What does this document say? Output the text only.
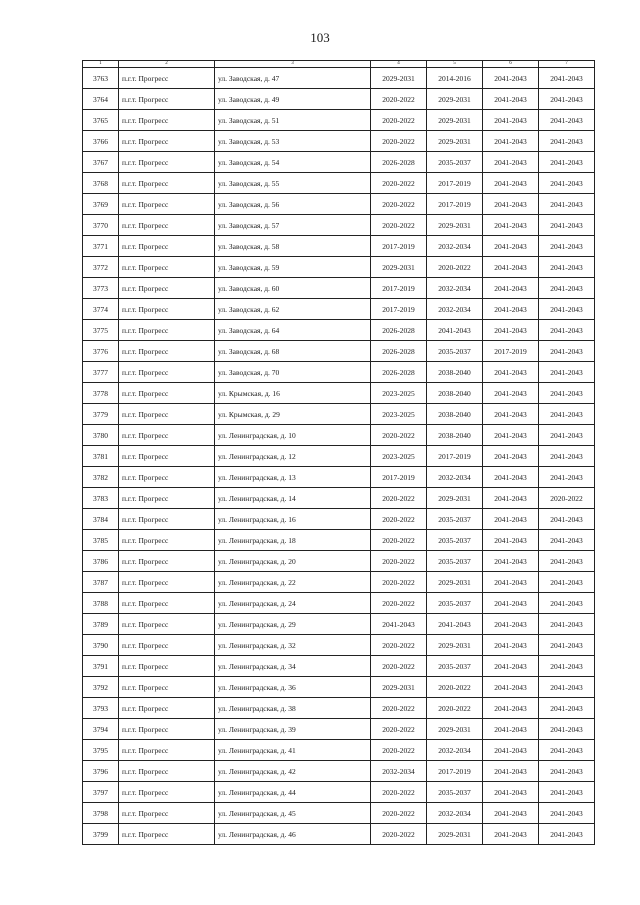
103
1	2	3	4	5	6	7
3763	п.г.т. Прогресс	ул. Заводская, д. 47	2029-2031	2014-2016	2041-2043	2041-2043
3764	п.г.т. Прогресс	ул. Заводская, д. 49	2020-2022	2029-2031	2041-2043	2041-2043
3765	п.г.т. Прогресс	ул. Заводская, д. 51	2020-2022	2029-2031	2041-2043	2041-2043
3766	п.г.т. Прогресс	ул. Заводская, д. 53	2020-2022	2029-2031	2041-2043	2041-2043
3767	п.г.т. Прогресс	ул. Заводская, д. 54	2026-2028	2035-2037	2041-2043	2041-2043
3768	п.г.т. Прогресс	ул. Заводская, д. 55	2020-2022	2017-2019	2041-2043	2041-2043
3769	п.г.т. Прогресс	ул. Заводская, д. 56	2020-2022	2017-2019	2041-2043	2041-2043
3770	п.г.т. Прогресс	ул. Заводская, д. 57	2020-2022	2029-2031	2041-2043	2041-2043
3771	п.г.т. Прогресс	ул. Заводская, д. 58	2017-2019	2032-2034	2041-2043	2041-2043
3772	п.г.т. Прогресс	ул. Заводская, д. 59	2029-2031	2020-2022	2041-2043	2041-2043
3773	п.г.т. Прогресс	ул. Заводская, д. 60	2017-2019	2032-2034	2041-2043	2041-2043
3774	п.г.т. Прогресс	ул. Заводская, д. 62	2017-2019	2032-2034	2041-2043	2041-2043
3775	п.г.т. Прогресс	ул. Заводская, д. 64	2026-2028	2041-2043	2041-2043	2041-2043
3776	п.г.т. Прогресс	ул. Заводская, д. 68	2026-2028	2035-2037	2017-2019	2041-2043
3777	п.г.т. Прогресс	ул. Заводская, д. 70	2026-2028	2038-2040	2041-2043	2041-2043
3778	п.г.т. Прогресс	ул. Крымская, д. 16	2023-2025	2038-2040	2041-2043	2041-2043
3779	п.г.т. Прогресс	ул. Крымская, д. 29	2023-2025	2038-2040	2041-2043	2041-2043
3780	п.г.т. Прогресс	ул. Ленинградская, д. 10	2020-2022	2038-2040	2041-2043	2041-2043
3781	п.г.т. Прогресс	ул. Ленинградская, д. 12	2023-2025	2017-2019	2041-2043	2041-2043
3782	п.г.т. Прогресс	ул. Ленинградская, д. 13	2017-2019	2032-2034	2041-2043	2041-2043
3783	п.г.т. Прогресс	ул. Ленинградская, д. 14	2020-2022	2029-2031	2041-2043	2020-2022
3784	п.г.т. Прогресс	ул. Ленинградская, д. 16	2020-2022	2035-2037	2041-2043	2041-2043
3785	п.г.т. Прогресс	ул. Ленинградская, д. 18	2020-2022	2035-2037	2041-2043	2041-2043
3786	п.г.т. Прогресс	ул. Ленинградская, д. 20	2020-2022	2035-2037	2041-2043	2041-2043
3787	п.г.т. Прогресс	ул. Ленинградская, д. 22	2020-2022	2029-2031	2041-2043	2041-2043
3788	п.г.т. Прогресс	ул. Ленинградская, д. 24	2020-2022	2035-2037	2041-2043	2041-2043
3789	п.г.т. Прогресс	ул. Ленинградская, д. 29	2041-2043	2041-2043	2041-2043	2041-2043
3790	п.г.т. Прогресс	ул. Ленинградская, д. 32	2020-2022	2029-2031	2041-2043	2041-2043
3791	п.г.т. Прогресс	ул. Ленинградская, д. 34	2020-2022	2035-2037	2041-2043	2041-2043
3792	п.г.т. Прогресс	ул. Ленинградская, д. 36	2029-2031	2020-2022	2041-2043	2041-2043
3793	п.г.т. Прогресс	ул. Ленинградская, д. 38	2020-2022	2020-2022	2041-2043	2041-2043
3794	п.г.т. Прогресс	ул. Ленинградская, д. 39	2020-2022	2029-2031	2041-2043	2041-2043
3795	п.г.т. Прогресс	ул. Ленинградская, д. 41	2020-2022	2032-2034	2041-2043	2041-2043
3796	п.г.т. Прогресс	ул. Ленинградская, д. 42	2032-2034	2017-2019	2041-2043	2041-2043
3797	п.г.т. Прогресс	ул. Ленинградская, д. 44	2020-2022	2035-2037	2041-2043	2041-2043
3798	п.г.т. Прогресс	ул. Ленинградская, д. 45	2020-2022	2032-2034	2041-2043	2041-2043
3799	п.г.т. Прогресс	ул. Ленинградская, д. 46	2020-2022	2029-2031	2041-2043	2041-2043
